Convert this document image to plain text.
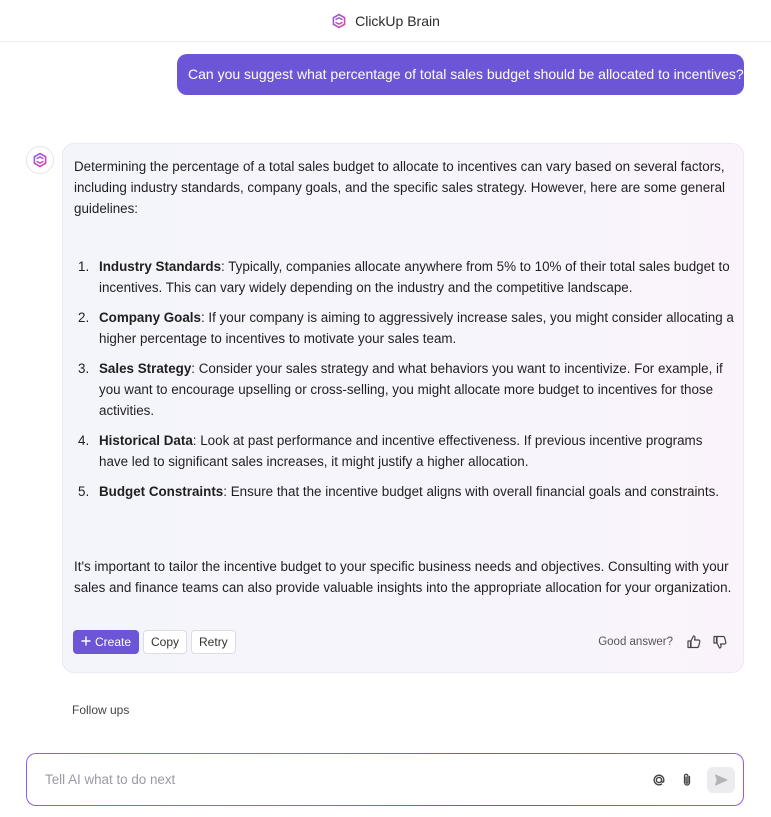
ClickUp Brain
Can you suggest what percentage of total sales budget should be allocated to incentives?

Determining the percentage of a total sales budget to allocate to incentives can vary based on several factors, including industry standards, company goals, and the specific sales strategy. However, here are some general guidelines:

1. Industry Standards: Typically, companies allocate anywhere from 5% to 10% of their total sales budget to incentives. This can vary widely depending on the industry and the competitive landscape.
2. Company Goals: If your company is aiming to aggressively increase sales, you might consider allocating a higher percentage to incentives to motivate your sales team.
3. Sales Strategy: Consider your sales strategy and what behaviors you want to incentivize. For example, if you want to encourage upselling or cross-selling, you might allocate more budget to incentives for those activities.
4. Historical Data: Look at past performance and incentive effectiveness. If previous incentive programs have led to significant sales increases, it might justify a higher allocation.
5. Budget Constraints: Ensure that the incentive budget aligns with overall financial goals and constraints.

It's important to tailor the incentive budget to your specific business needs and objectives. Consulting with your sales and finance teams can also provide valuable insights into the appropriate allocation for your organization.

Create	Copy	Retry	Good answer?
Follow ups
Tell AI what to do next
